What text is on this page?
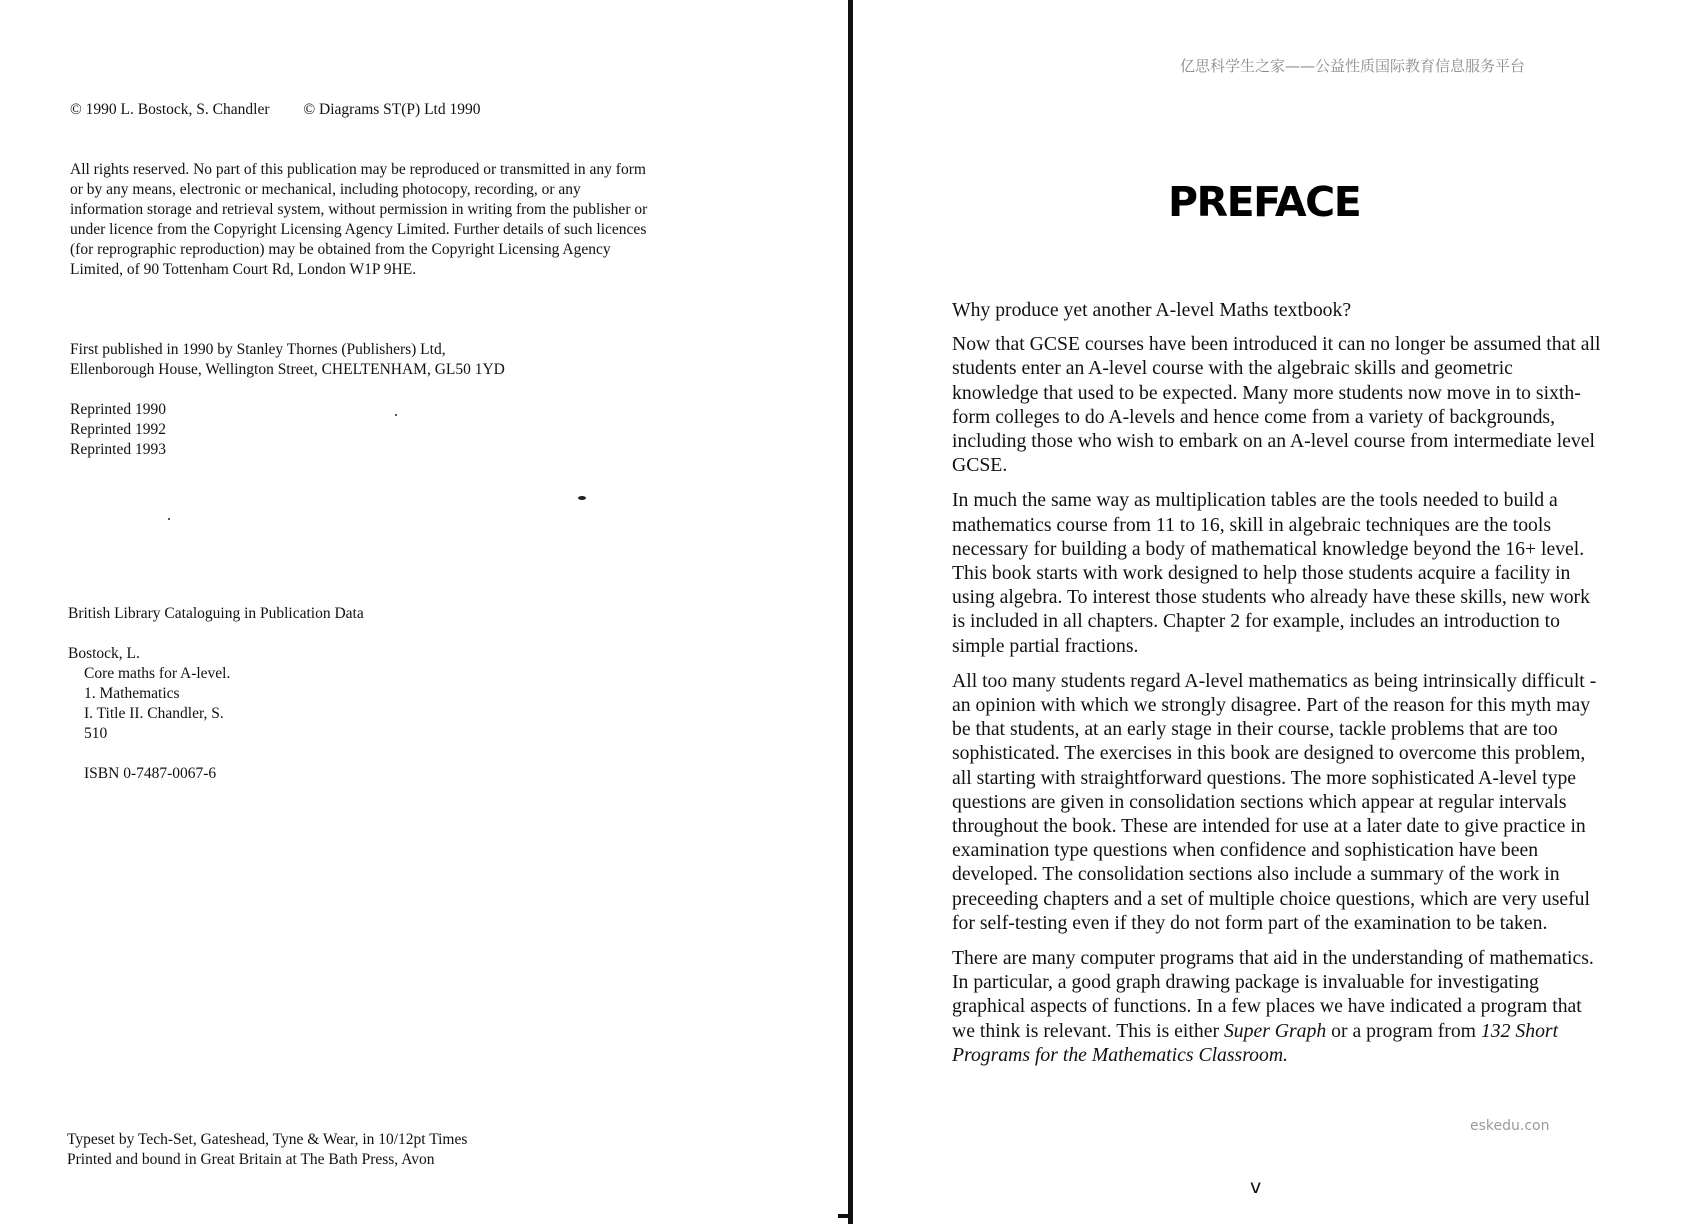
© 1990 L. Bostock, S. Chandler © Diagrams ST(P) Ltd 1990

All rights reserved. No part of this publication may be reproduced or transmitted in any form

or by any means, electronic or mechanical, including photocopy, recording, or any

information storage and retrieval system, without permission in writing from the publisher or

under licence from the Copyright Licensing Agency Limited. Further details of such licences

(for reprographic reproduction) may be obtained from the Copyright Licensing Agency

Limited, of 90 Tottenham Court Rd, London W1P 9HE.

First published in 1990 by Stanley Thornes (Publishers) Ltd,

Ellenborough House, Wellington Street, CHELTENHAM, GL50 1YD

Reprinted 1990

Reprinted 1992

Reprinted 1993

British Library Cataloguing in Publication Data

Bostock, L.

Core maths for A-level.

1. Mathematics

I. Title II. Chandler, S.

510

ISBN 0-7487-0067-6

Typeset by Tech-Set, Gateshead, Tyne & Wear, in 10/12pt Times

Printed and bound in Great Britain at The Bath Press, Avon

亿思科学生之家——公益性质国际教育信息服务平台
PREFACE

Why produce yet another A-level Maths textbook?

Now that GCSE courses have been introduced it can no longer be assumed that all students enter an A-level course with the algebraic skills and geometric knowledge that used to be expected. Many more students now move in to sixth-form colleges to do A-levels and hence come from a variety of backgrounds, including those who wish to embark on an A-level course from intermediate level GCSE.

In much the same way as multiplication tables are the tools needed to build a mathematics course from 11 to 16, skill in algebraic techniques are the tools necessary for building a body of mathematical knowledge beyond the 16+ level. This book starts with work designed to help those students acquire a facility in using algebra. To interest those students who already have these skills, new work is included in all chapters. Chapter 2 for example, includes an introduction to simple partial fractions.

All too many students regard A-level mathematics as being intrinsically difficult - an opinion with which we strongly disagree. Part of the reason for this myth may be that students, at an early stage in their course, tackle problems that are too sophisticated. The exercises in this book are designed to overcome this problem, all starting with straightforward questions. The more sophisticated A-level type questions are given in consolidation sections which appear at regular intervals throughout the book. These are intended for use at a later date to give practice in examination type questions when confidence and sophistication have been developed. The consolidation sections also include a summary of the work in preceeding chapters and a set of multiple choice questions, which are very useful for self-testing even if they do not form part of the examination to be taken.

There are many computer programs that aid in the understanding of mathematics. In particular, a good graph drawing package is invaluable for investigating graphical aspects of functions. In a few places we have indicated a program that we think is relevant. This is either Super Graph or a program from 132 Short Programs for the Mathematics Classroom.

eskedu.con
v
